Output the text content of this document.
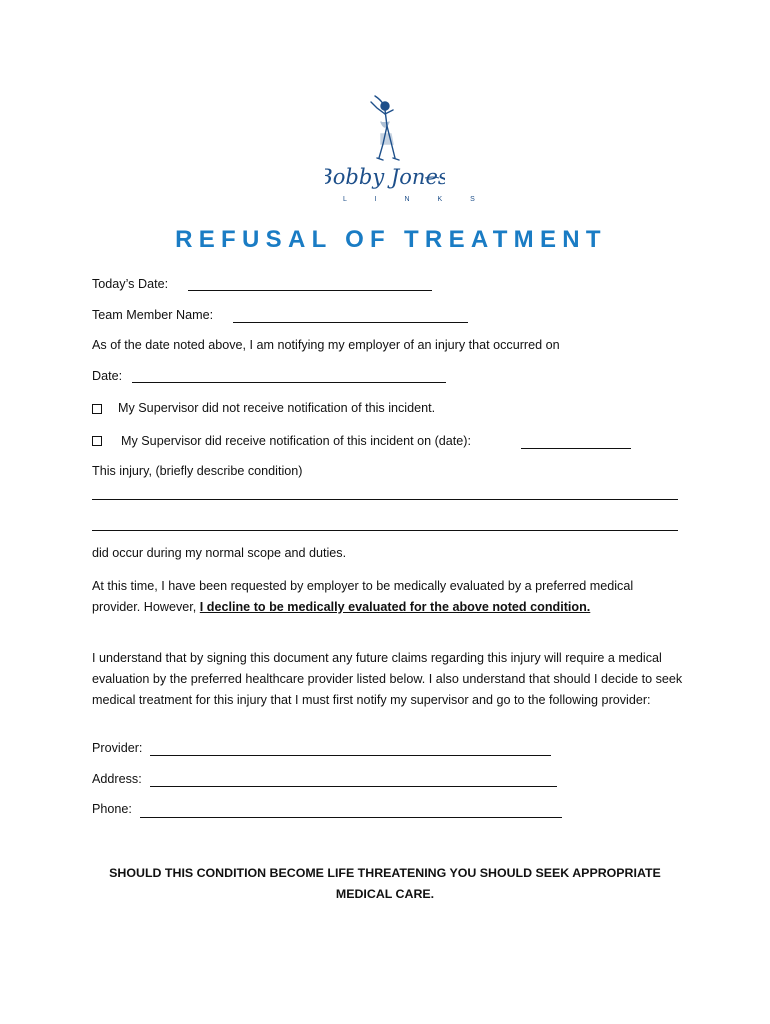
Bobby Jones
L I N K S
REFUSAL OF TREATMENT
Today’s Date:
Team Member Name:
As of the date noted above, I am notifying my employer of an injury that occurred on
Date:
My Supervisor did not receive notification of this incident.
My Supervisor did receive notification of this incident on (date):
This injury, (briefly describe condition)
did occur during my normal scope and duties.
At this time, I have been requested by employer to be medically evaluated by a preferred medical provider. However, I decline to be medically evaluated for the above noted condition.
I understand that by signing this document any future claims regarding this injury will require a medical evaluation by the preferred healthcare provider listed below. I also understand that should I decide to seek medical treatment for this injury that I must first notify my supervisor and go to the following provider:
Provider:
Address:
Phone:
SHOULD THIS CONDITION BECOME LIFE THREATENING YOU SHOULD SEEK APPROPRIATE MEDICAL CARE.
